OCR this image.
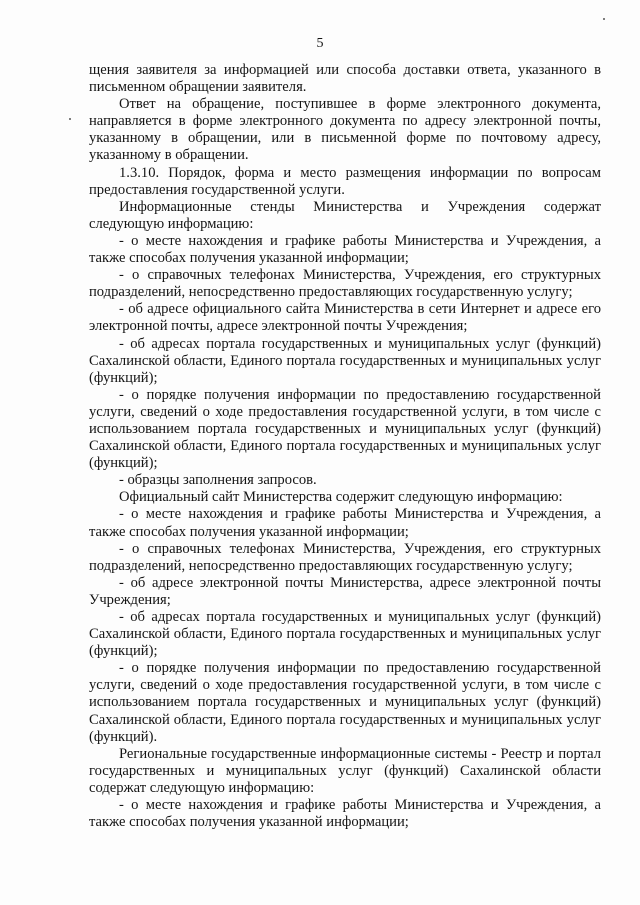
5

щения заявителя за информацией или способа доставки ответа, указанного в письменном обращении заявителя.

Ответ на обращение, поступившее в форме электронного документа, направляется в форме электронного документа по адресу электронной почты, указанному в обращении, или в письменной форме по почтовому адресу, указанному в обращении.

1.3.10. Порядок, форма и место размещения информации по вопросам предоставления государственной услуги.

Информационные стенды Министерства и Учреждения содержат следующую информацию:

- о месте нахождения и графике работы Министерства и Учреждения, а также способах получения указанной информации;

- о справочных телефонах Министерства, Учреждения, его структурных подразделений, непосредственно предоставляющих государственную услугу;

- об адресе официального сайта Министерства в сети Интернет и адресе его электронной почты, адресе электронной почты Учреждения;

- об адресах портала государственных и муниципальных услуг (функций) Сахалинской области, Единого портала государственных и муниципальных услуг (функций);

- о порядке получения информации по предоставлению государственной услуги, сведений о ходе предоставления государственной услуги, в том числе с использованием портала государственных и муниципальных услуг (функций) Сахалинской области, Единого портала государственных и муниципальных услуг (функций);

- образцы заполнения запросов.

Официальный сайт Министерства содержит следующую информацию:

- о месте нахождения и графике работы Министерства и Учреждения, а также способах получения указанной информации;

- о справочных телефонах Министерства, Учреждения, его структурных подразделений, непосредственно предоставляющих государственную услугу;

- об адресе электронной почты Министерства, адресе электронной почты Учреждения;

- об адресах портала государственных и муниципальных услуг (функций) Сахалинской области, Единого портала государственных и муниципальных услуг (функций);

- о порядке получения информации по предоставлению государственной услуги, сведений о ходе предоставления государственной услуги, в том числе с использованием портала государственных и муниципальных услуг (функций) Сахалинской области, Единого портала государственных и муниципальных услуг (функций).

Региональные государственные информационные системы - Реестр и портал государственных и муниципальных услуг (функций) Сахалинской области содержат следующую информацию:

- о месте нахождения и графике работы Министерства и Учреждения, а также способах получения указанной информации;
